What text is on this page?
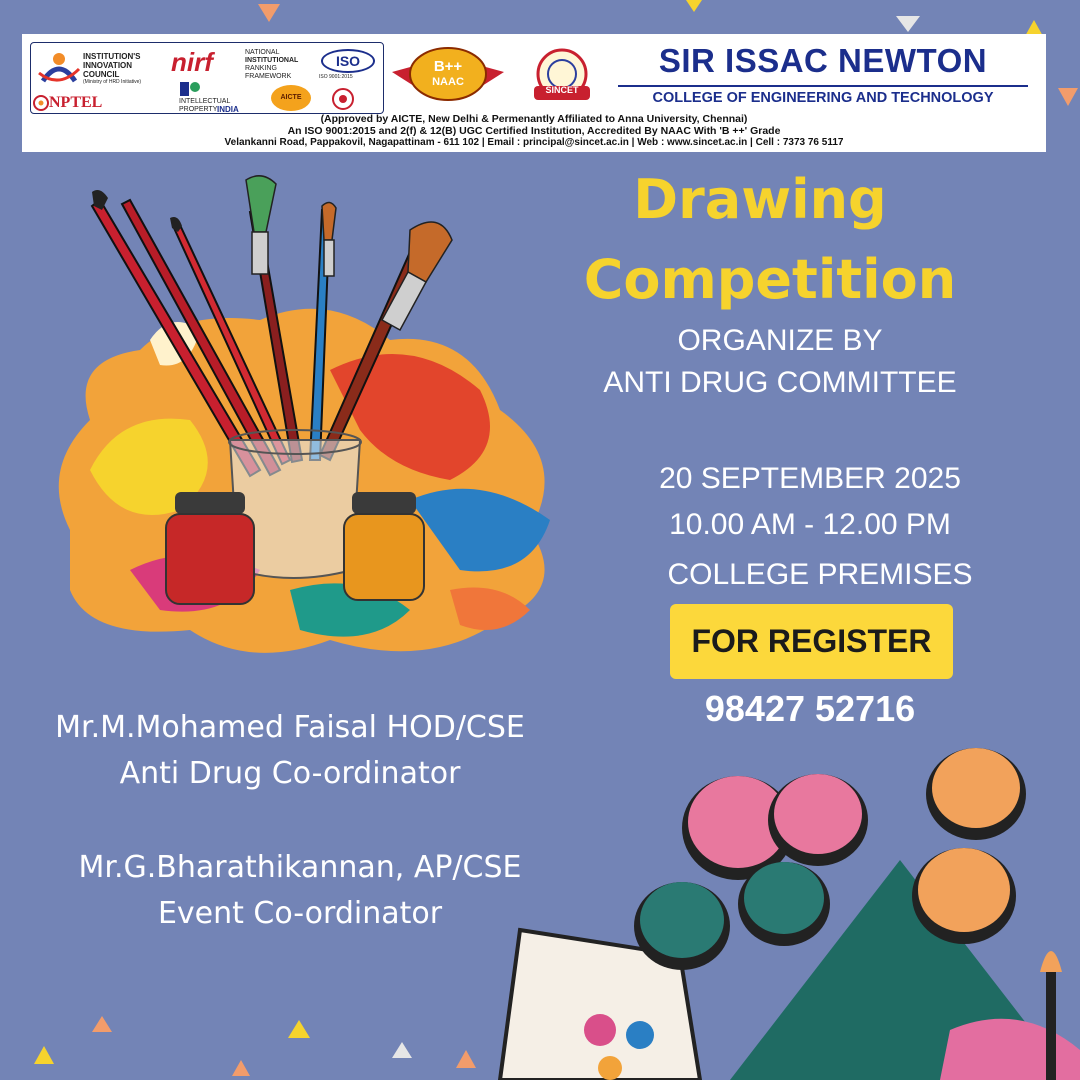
INSTITUTION'S
INNOVATION
COUNCIL
(Ministry of HRD Initiative)
nirf	NATIONAL
INSTITUTIONAL
RANKING
FRAMEWORK
ISO
ISO 9001:2015
NPTEL	INTELLECTUAL
PROPERTY INDIA
AICTE
B++
NAAC
SINCET
SIR ISSAC NEWTON
COLLEGE OF ENGINEERING AND TECHNOLOGY
(Approved by AICTE, New Delhi & Permenantly Affiliated to Anna University, Chennai)
An ISO 9001:2015 and 2(f) & 12(B) UGC Certified Institution, Accredited By NAAC With 'B ++' Grade
Velankanni Road, Pappakovil, Nagapattinam - 611 102 | Email : principal@sincet.ac.in | Web : www.sincet.ac.in | Cell : 7373 76 5117
Drawing
Competition
ORGANIZE BY
ANTI DRUG COMMITTEE
20 SEPTEMBER 2025
10.00 AM - 12.00 PM
COLLEGE PREMISES
FOR REGISTER
98427 52716
Mr.M.Mohamed Faisal HOD/CSE
Anti Drug Co-ordinator
Mr.G.Bharathikannan, AP/CSE
Event Co-ordinator
